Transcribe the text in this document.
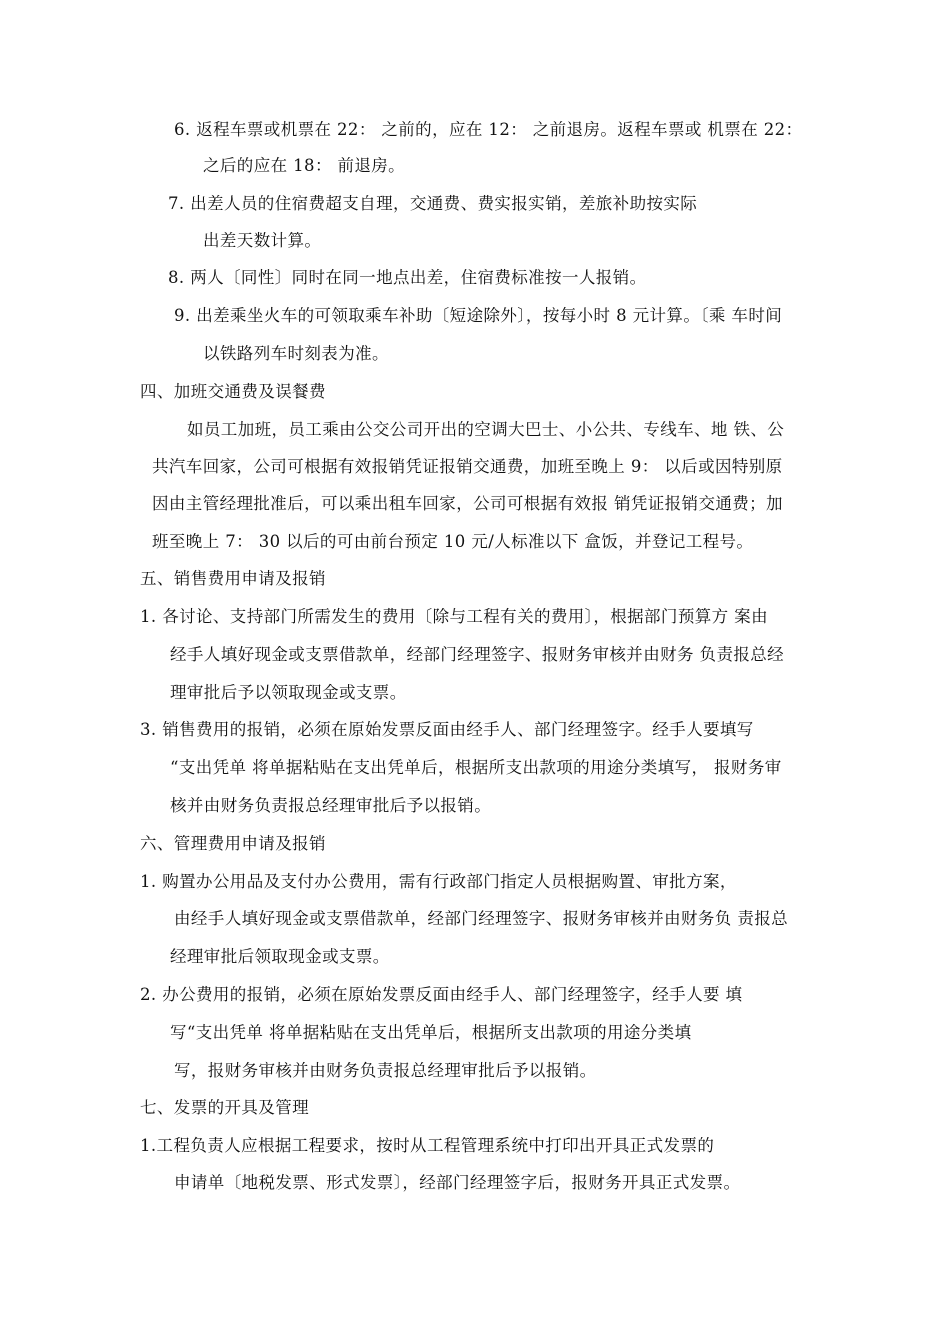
6. 返程车票或机票在 22： 之前的，应在 12： 之前退房。返程车票或 机票在 22：
之后的应在 18： 前退房。
7. 出差人员的住宿费超支自理，交通费、费实报实销，差旅补助按实际
出差天数计算。
8. 两人〔同性〕同时在同一地点出差，住宿费标准按一人报销。
9. 出差乘坐火车的可领取乘车补助〔短途除外〕，按每小时 8 元计算。〔乘 车时间
以铁路列车时刻表为准。
四、加班交通费及误餐费
如员工加班，员工乘由公交公司开出的空调大巴士、小公共、专线车、地 铁、公
共汽车回家，公司可根据有效报销凭证报销交通费，加班至晚上 9： 以后或因特别原
因由主管经理批准后，可以乘出租车回家，公司可根据有效报 销凭证报销交通费；加
班至晚上 7： 30 以后的可由前台预定 10 元/人标准以下 盒饭，并登记工程号。
五、销售费用申请及报销
1. 各讨论、支持部门所需发生的费用〔除与工程有关的费用〕，根据部门预算方 案由
经手人填好现金或支票借款单，经部门经理签字、报财务审核并由财务 负责报总经
理审批后予以领取现金或支票。
3. 销售费用的报销，必须在原始发票反面由经手人、部门经理签字。经手人要填写
“支出凭单 将单据粘贴在支出凭单后，根据所支出款项的用途分类填写， 报财务审
核并由财务负责报总经理审批后予以报销。
六、管理费用申请及报销
1. 购置办公用品及支付办公费用，需有行政部门指定人员根据购置、审批方案，
由经手人填好现金或支票借款单，经部门经理签字、报财务审核并由财务负 责报总
经理审批后领取现金或支票。
2. 办公费用的报销，必须在原始发票反面由经手人、部门经理签字，经手人要 填
写“支出凭单 将单据粘贴在支出凭单后，根据所支出款项的用途分类填
写，报财务审核并由财务负责报总经理审批后予以报销。
七、发票的开具及管理
1.工程负责人应根据工程要求，按时从工程管理系统中打印出开具正式发票的
申请单〔地税发票、形式发票〕，经部门经理签字后，报财务开具正式发票。
